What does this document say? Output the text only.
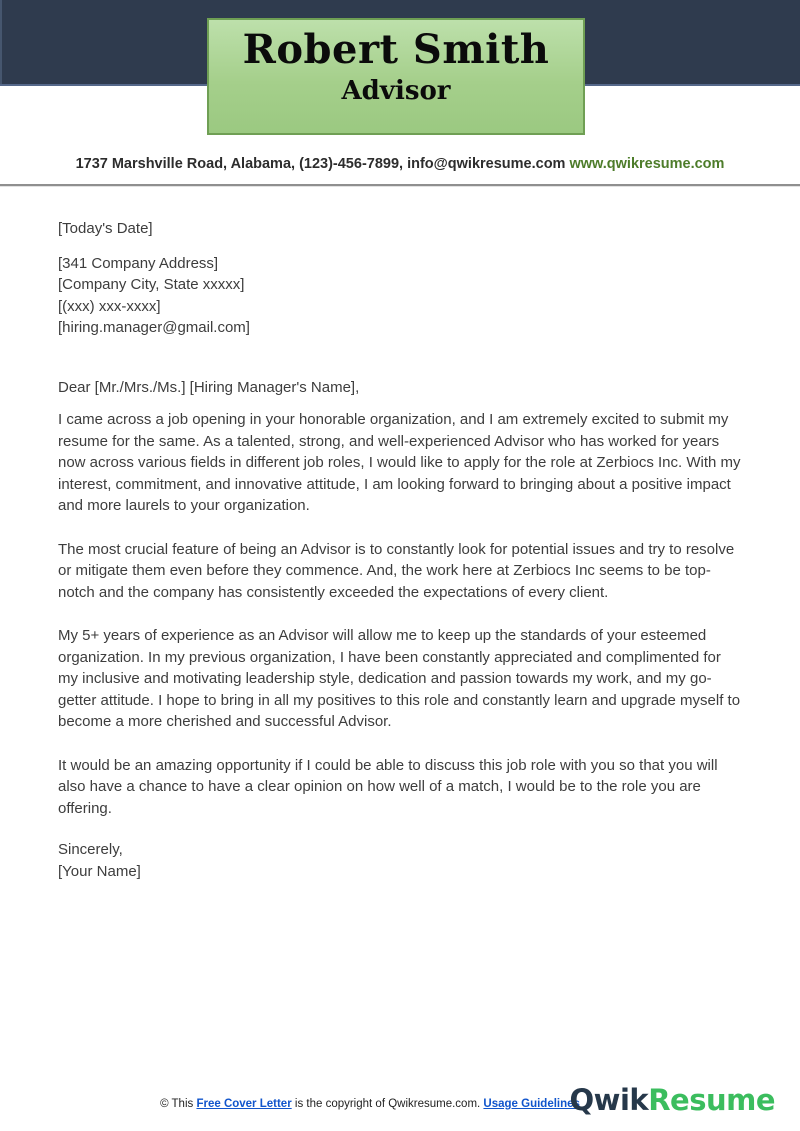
Robert Smith
Advisor
1737 Marshville Road, Alabama, (123)-456-7899, info@qwikresume.com www.qwikresume.com
[Today's Date]
[341 Company Address]
[Company City, State xxxxx]
[(xxx) xxx-xxxx]
[hiring.manager@gmail.com]
Dear [Mr./Mrs./Ms.] [Hiring Manager's Name],

I came across a job opening in your honorable organization, and I am extremely excited to submit my resume for the same. As a talented, strong, and well-experienced Advisor who has worked for years now across various fields in different job roles, I would like to apply for the role at Zerbiocs Inc. With my interest, commitment, and innovative attitude, I am looking forward to bringing about a positive impact and more laurels to your organization.

The most crucial feature of being an Advisor is to constantly look for potential issues and try to resolve or mitigate them even before they commence. And, the work here at Zerbiocs Inc seems to be top-notch and the company has consistently exceeded the expectations of every client.

My 5+ years of experience as an Advisor will allow me to keep up the standards of your esteemed organization. In my previous organization, I have been constantly appreciated and complimented for my inclusive and motivating leadership style, dedication and passion towards my work, and my go-getter attitude. I hope to bring in all my positives to this role and constantly learn and upgrade myself to become a more cherished and successful Advisor.

It would be an amazing opportunity if I could be able to discuss this job role with you so that you will also have a chance to have a clear opinion on how well of a match, I would be to the role you are offering.

Sincerely,
[Your Name]
© This Free Cover Letter is the copyright of Qwikresume.com. Usage Guidelines
QwikResume
